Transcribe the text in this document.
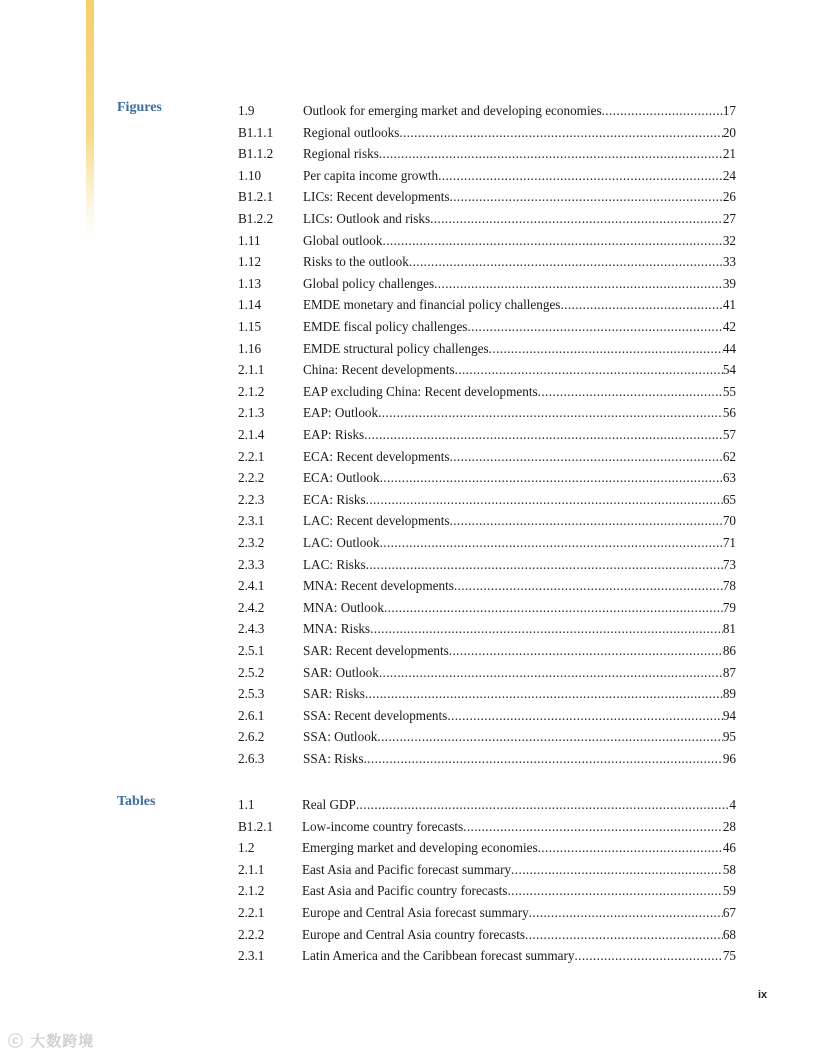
Figures	1.9	Outlook for emerging market and developing economies .....	17
B1.1.1 Regional outlooks .....	20
B1.1.2 Regional risks .....	21
1.10	Per capita income growth .....	24
B1.2.1 LICs: Recent developments .....	26
B1.2.2 LICs: Outlook and risks .....	27
1.11	Global outlook .....	32
1.12	Risks to the outlook .....	33
1.13	Global policy challenges .....	39
1.14	EMDE monetary and financial policy challenges .....	41
1.15	EMDE fiscal policy challenges .....	42
1.16	EMDE structural policy challenges .....	44
2.1.1	China: Recent developments .....	54
2.1.2	EAP excluding China: Recent developments .....	55
2.1.3	EAP: Outlook .....	56
2.1.4	EAP: Risks .....	57
2.2.1	ECA: Recent developments .....	62
2.2.2	ECA: Outlook .....	63
2.2.3	ECA: Risks .....	65
2.3.1	LAC: Recent developments .....	70
2.3.2	LAC: Outlook .....	71
2.3.3	LAC: Risks .....	73
2.4.1	MNA: Recent developments .....	78
2.4.2	MNA: Outlook .....	79
2.4.3	MNA: Risks .....	81
2.5.1	SAR: Recent developments .....	86
2.5.2	SAR: Outlook .....	87
2.5.3	SAR: Risks .....	89
2.6.1	SSA: Recent developments .....	94
2.6.2	SSA: Outlook .....	95
2.6.3	SSA: Risks .....	96
Tables	1.1	Real GDP .....	4
B1.2.1 Low-income country forecasts .....	28
1.2	Emerging market and developing economies .....	46
2.1.1	East Asia and Pacific forecast summary .....	58
2.1.2	East Asia and Pacific country forecasts .....	59
2.2.1	Europe and Central Asia forecast summary .....	67
2.2.2	Europe and Central Asia country forecasts .....	68
2.3.1	Latin America and the Caribbean forecast summary .....	75
ix
ⓒ 大数跨境
